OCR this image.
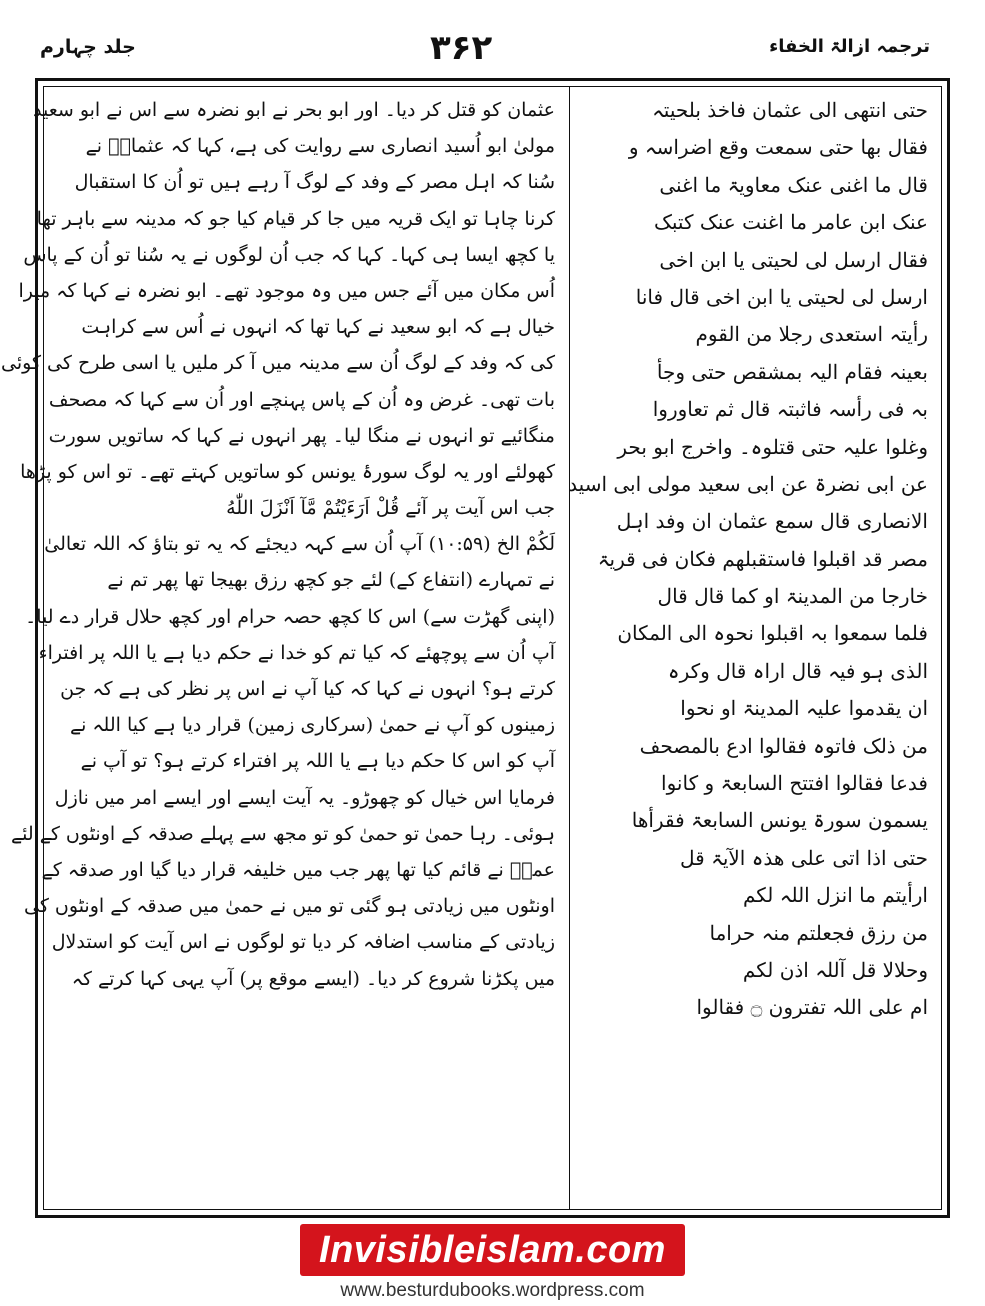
ترجمہ ازالۃ الخفاء
۳۶۲
جلد چہارم
حتی انتھی الی عثمان فاخذ بلحیتہ
فقال بھا حتی سمعت وقع اضراسہ و
قال ما اغنی عنک معاویۃ ما اغنی
عنک ابن عامر ما اغنت عنک کتبک
فقال ارسل لی لحیتی یا ابن اخی
ارسل لی لحیتی یا ابن اخی قال فانا
رأیتہ استعدی رجلا من القوم
بعینہ فقام الیہ بمشقص حتی وجأ
بہ فی رأسہ فاثبتہ قال ثم تعاوروا
وغلوا علیہ حتی قتلوہ۔ واخرج ابو بحر
عن ابی نضرۃ عن ابی سعید مولی ابی اسید
الانصاری قال سمع عثمان ان وفد اہل
مصر قد اقبلوا فاستقبلھم فکان فی قریۃ
خارجا من المدینۃ او کما قال قال
فلما سمعوا بہ اقبلوا نحوہ الی المکان
الذی ہو فیہ قال اراہ قال وکرہ
ان یقدموا علیہ المدینۃ او نحوا
من ذلک فاتوہ فقالوا ادع بالمصحف
فدعا فقالوا افتتح السابعۃ و کانوا
یسمون سورۃ یونس السابعۃ فقرأھا
حتی اذا اتی علی ھذہ الآیۃ قل
ارأیتم ما انزل اللہ لکم
من رزق فجعلتم منہ حراما
وحلالا قل آللہ اذن لکم
ام علی اللہ تفترون ۝ فقالوا
عثمان کو قتل کر دیا۔ اور ابو بحر نے ابو نضرہ سے اس نے ابو سعید
مولیٰ ابو اُسید انصاری سے روایت کی ہے، کہا کہ عثمانؓ نے
سُنا کہ اہل مصر کے وفد کے لوگ آ رہے ہیں تو اُن کا استقبال
کرنا چاہا تو ایک قریہ میں جا کر قیام کیا جو کہ مدینہ سے باہر تھا
یا کچھ ایسا ہی کہا۔ کہا کہ جب اُن لوگوں نے یہ سُنا تو اُن کے پاس
اُس مکان میں آئے جس میں وہ موجود تھے۔ ابو نضرہ نے کہا کہ میرا
خیال ہے کہ ابو سعید نے کہا تھا کہ انہوں نے اُس سے کراہت
کی کہ وفد کے لوگ اُن سے مدینہ میں آ کر ملیں یا اسی طرح کی کوئی
بات تھی۔ غرض وہ اُن کے پاس پہنچے اور اُن سے کہا کہ مصحف
منگائیے تو انہوں نے منگا لیا۔ پھر انہوں نے کہا کہ ساتویں سورت
کھولئے اور یہ لوگ سورۂ یونس کو ساتویں کہتے تھے۔ تو اس کو پڑھا
جب اس آیت پر آئے قُلْ اَرَءَيْتُمْ مَّآ اَنْزَلَ اللّٰهُ
لَكُمْ الخ (۱۰:۵۹) آپ اُن سے کہہ دیجئے کہ یہ تو بتاؤ کہ اللہ تعالیٰ
نے تمہارے (انتفاع کے) لئے جو کچھ رزق بھیجا تھا پھر تم نے
(اپنی گھڑت سے) اس کا کچھ حصہ حرام اور کچھ حلال قرار دے لیا۔
آپ اُن سے پوچھئے کہ کیا تم کو خدا نے حکم دیا ہے یا اللہ پر افتراء
کرتے ہو؟ انہوں نے کہا کہ کیا آپ نے اس پر نظر کی ہے کہ جن
زمینوں کو آپ نے حمیٰ (سرکاری زمین) قرار دیا ہے کیا اللہ نے
آپ کو اس کا حکم دیا ہے یا اللہ پر افتراء کرتے ہو؟ تو آپ نے
فرمایا اس خیال کو چھوڑو۔ یہ آیت ایسے اور ایسے امر میں نازل
ہوئی۔ رہا حمیٰ تو حمیٰ کو تو مجھ سے پہلے صدقہ کے اونٹوں کے لئے
عمرؓ نے قائم کیا تھا پھر جب میں خلیفہ قرار دیا گیا اور صدقہ کے
اونٹوں میں زیادتی ہو گئی تو میں نے حمیٰ میں صدقہ کے اونٹوں کی
زیادتی کے مناسب اضافہ کر دیا تو لوگوں نے اس آیت کو استدلال
میں پکڑنا شروع کر دیا۔ (ایسے موقع پر) آپ یہی کہا کرتے کہ
Invisibleislam.com
www.besturdubooks.wordpress.com
